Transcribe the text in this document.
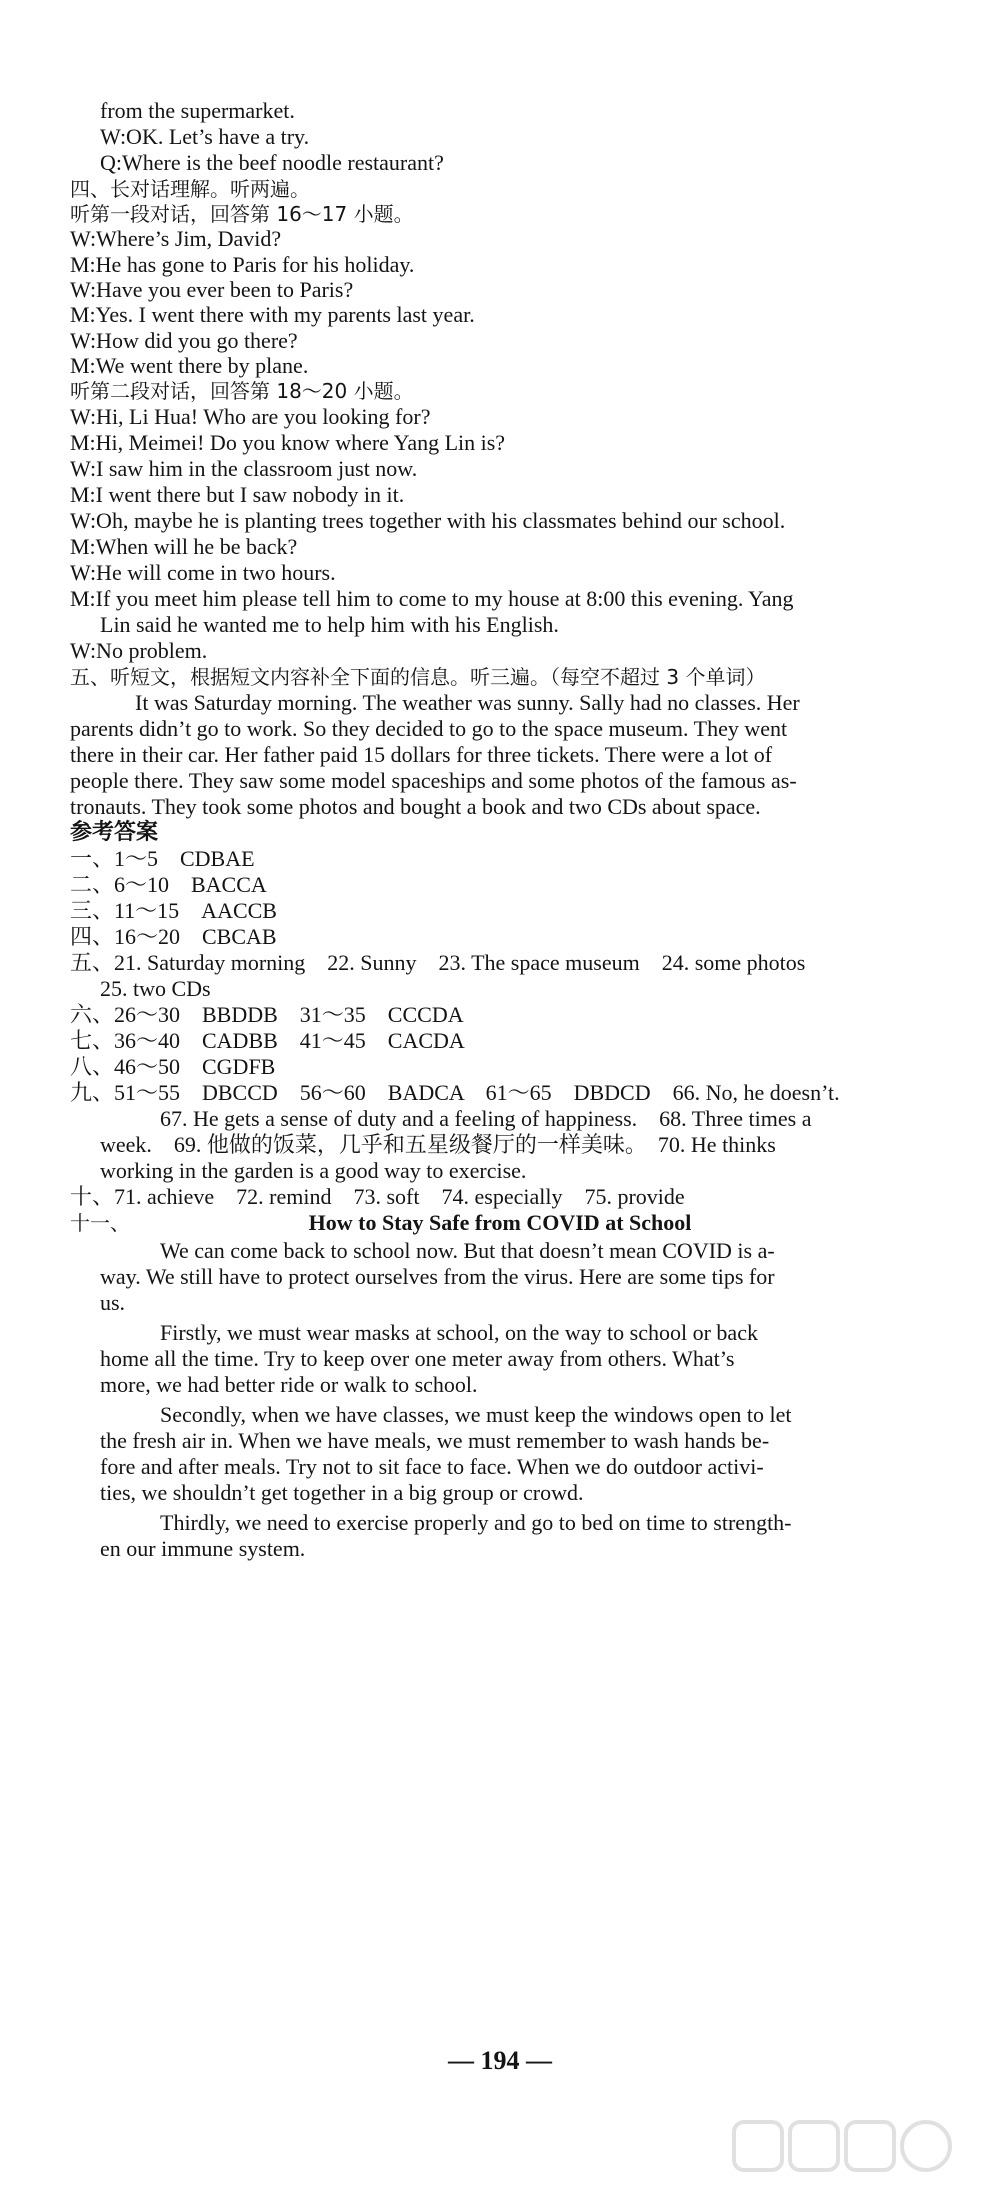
from the supermarket.
W:OK. Let’s have a try.
Q:Where is the beef noodle restaurant?
四、长对话理解。听两遍。
听第一段对话，回答第 16～17 小题。
W:Where’s Jim, David?
M:He has gone to Paris for his holiday.
W:Have you ever been to Paris?
M:Yes. I went there with my parents last year.
W:How did you go there?
M:We went there by plane.
听第二段对话，回答第 18～20 小题。
W:Hi, Li Hua! Who are you looking for?
M:Hi, Meimei! Do you know where Yang Lin is?
W:I saw him in the classroom just now.
M:I went there but I saw nobody in it.
W:Oh, maybe he is planting trees together with his classmates behind our school.
M:When will he be back?
W:He will come in two hours.
M:If you meet him please tell him to come to my house at 8:00 this evening. Yang
Lin said he wanted me to help him with his English.
W:No problem.
五、听短文，根据短文内容补全下面的信息。听三遍。（每空不超过 3 个单词）
It was Saturday morning. The weather was sunny. Sally had no classes. Her
parents didn’t go to work. So they decided to go to the space museum. They went
there in their car. Her father paid 15 dollars for three tickets. There were a lot of
people there. They saw some model spaceships and some photos of the famous as-
tronauts. They took some photos and bought a book and two CDs about space.
参考答案
一、1～5　CDBAE
二、6～10　BACCA
三、11～15　AACCB
四、16～20　CBCAB
五、21. Saturday morning　22. Sunny　23. The space museum　24. some photos
25. two CDs
六、26～30　BBDDB　31～35　CCCDA
七、36～40　CADBB　41～45　CACDA
八、46～50　CGDFB
九、51～55　DBCCD　56～60　BADCA　61～65　DBDCD　66. No, he doesn’t.
67. He gets a sense of duty and a feeling of happiness.　68. Three times a
week.　69. 他做的饭菜，几乎和五星级餐厅的一样美味。　70. He thinks
working in the garden is a good way to exercise.
十、71. achieve　72. remind　73. soft　74. especially　75. provide
十一、	How to Stay Safe from COVID at School
We can come back to school now. But that doesn’t mean COVID is a-
way. We still have to protect ourselves from the virus. Here are some tips for
us.
Firstly, we must wear masks at school, on the way to school or back
home all the time. Try to keep over one meter away from others. What’s
more, we had better ride or walk to school.
Secondly, when we have classes, we must keep the windows open to let
the fresh air in. When we have meals, we must remember to wash hands be-
fore and after meals. Try not to sit face to face. When we do outdoor activi-
ties, we shouldn’t get together in a big group or crowd.
Thirdly, we need to exercise properly and go to bed on time to strength-
en our immune system.
— 194 —
